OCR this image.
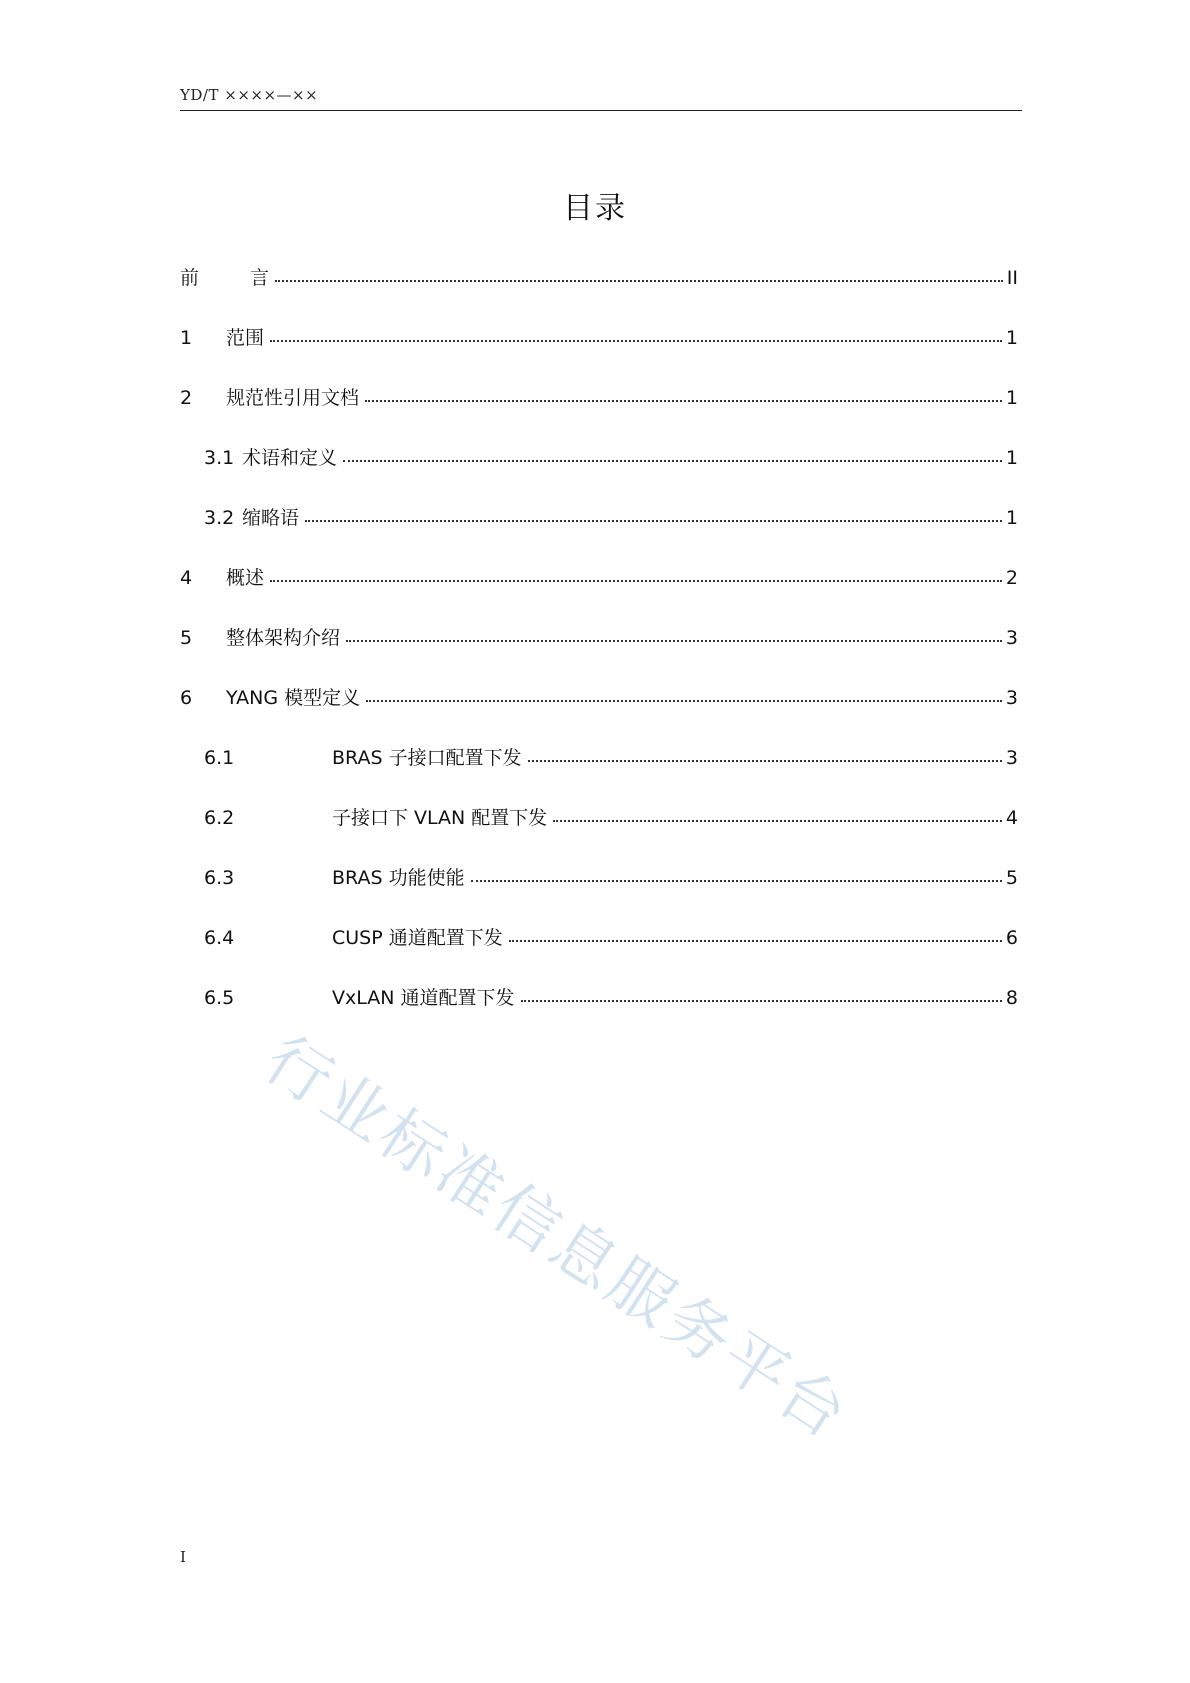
YD/T ××××—××
目录
前	言	II
1	范围	1
2	规范性引用文档	1
3.1 术语和定义	1
3.2 缩略语	1
4	概述	2
5	整体架构介绍	3
6	YANG 模型定义	3
6.1	BRAS 子接口配置下发	3
6.2	子接口下 VLAN 配置下发	4
6.3	BRAS 功能使能	5
6.4	CUSP 通道配置下发	6
6.5	VxLAN 通道配置下发	8
行业标准信息服务平台
I
